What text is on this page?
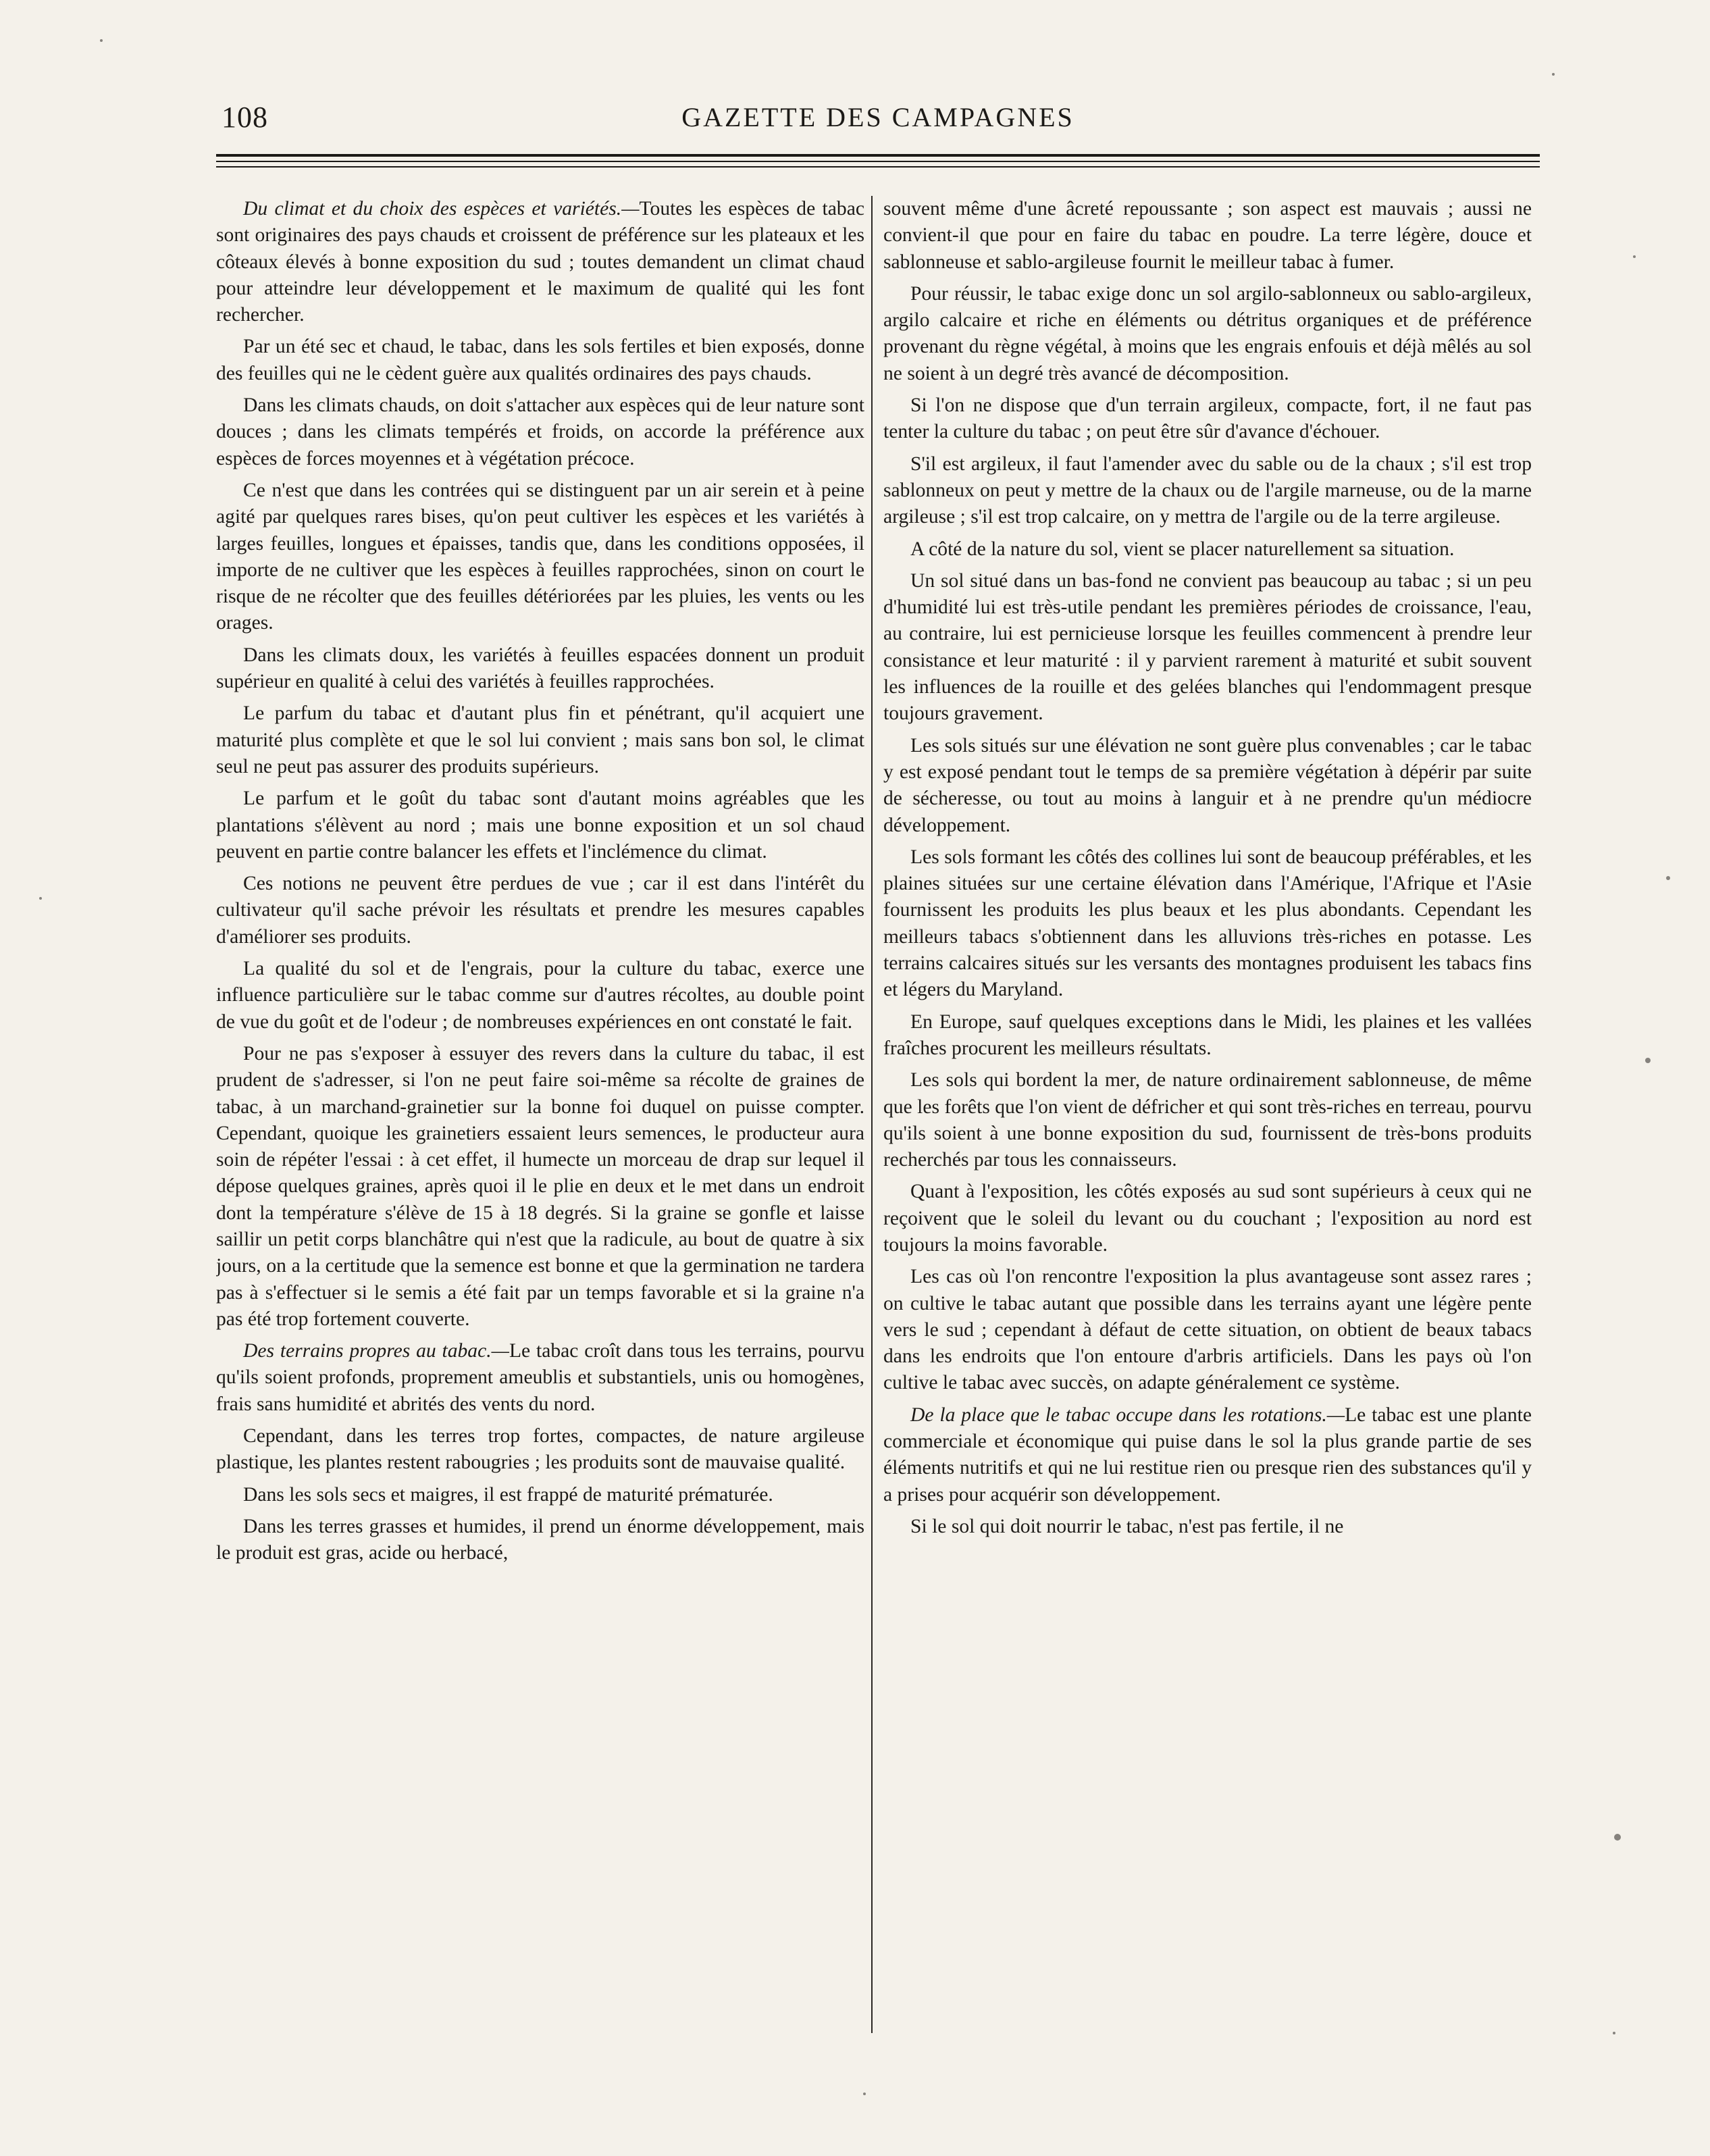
108	GAZETTE DES CAMPAGNES

Du climat et du choix des espèces et variétés.—Toutes les espèces de tabac sont originaires des pays chauds et croissent de préférence sur les plateaux et les côteaux élevés à bonne exposition du sud ; toutes demandent un climat chaud pour atteindre leur développement et le maximum de qualité qui les font rechercher.

Par un été sec et chaud, le tabac, dans les sols fertiles et bien exposés, donne des feuilles qui ne le cèdent guère aux qualités ordinaires des pays chauds.

Dans les climats chauds, on doit s'attacher aux espèces qui de leur nature sont douces ; dans les climats tempérés et froids, on accorde la préférence aux espèces de forces moyennes et à végétation précoce.

Ce n'est que dans les contrées qui se distinguent par un air serein et à peine agité par quelques rares bises, qu'on peut cultiver les espèces et les variétés à larges feuilles, longues et épaisses, tandis que, dans les conditions opposées, il importe de ne cultiver que les espèces à feuilles rapprochées, sinon on court le risque de ne récolter que des feuilles détériorées par les pluies, les vents ou les orages.

Dans les climats doux, les variétés à feuilles espacées donnent un produit supérieur en qualité à celui des variétés à feuilles rapprochées.

Le parfum du tabac et d'autant plus fin et pénétrant, qu'il acquiert une maturité plus complète et que le sol lui convient ; mais sans bon sol, le climat seul ne peut pas assurer des produits supérieurs.

Le parfum et le goût du tabac sont d'autant moins agréables que les plantations s'élèvent au nord ; mais une bonne exposition et un sol chaud peuvent en partie contre balancer les effets et l'inclémence du climat.

Ces notions ne peuvent être perdues de vue ; car il est dans l'intérêt du cultivateur qu'il sache prévoir les résultats et prendre les mesures capables d'améliorer ses produits.

La qualité du sol et de l'engrais, pour la culture du tabac, exerce une influence particulière sur le tabac comme sur d'autres récoltes, au double point de vue du goût et de l'odeur ; de nombreuses expériences en ont constaté le fait.

Pour ne pas s'exposer à essuyer des revers dans la culture du tabac, il est prudent de s'adresser, si l'on ne peut faire soi-même sa récolte de graines de tabac, à un marchand-grainetier sur la bonne foi duquel on puisse compter. Cependant, quoique les grainetiers essaient leurs semences, le producteur aura soin de répéter l'essai : à cet effet, il humecte un morceau de drap sur lequel il dépose quelques graines, après quoi il le plie en deux et le met dans un endroit dont la température s'élève de 15 à 18 degrés. Si la graine se gonfle et laisse saillir un petit corps blanchâtre qui n'est que la radicule, au bout de quatre à six jours, on a la certitude que la semence est bonne et que la germination ne tardera pas à s'effectuer si le semis a été fait par un temps favorable et si la graine n'a pas été trop fortement couverte.

Des terrains propres au tabac.—Le tabac croît dans tous les terrains, pourvu qu'ils soient profonds, proprement ameublis et substantiels, unis ou homogènes, frais sans humidité et abrités des vents du nord.

Cependant, dans les terres trop fortes, compactes, de nature argileuse plastique, les plantes restent rabougries ; les produits sont de mauvaise qualité.

Dans les sols secs et maigres, il est frappé de maturité prématurée.

Dans les terres grasses et humides, il prend un énorme développement, mais le produit est gras, acide ou herbacé,

souvent même d'une âcreté repoussante ; son aspect est mauvais ; aussi ne convient-il que pour en faire du tabac en poudre. La terre légère, douce et sablonneuse et sablo-argileuse fournit le meilleur tabac à fumer.

Pour réussir, le tabac exige donc un sol argilo-sablonneux ou sablo-argileux, argilo calcaire et riche en éléments ou détritus organiques et de préférence provenant du règne végétal, à moins que les engrais enfouis et déjà mêlés au sol ne soient à un degré très avancé de décomposition.

Si l'on ne dispose que d'un terrain argileux, compacte, fort, il ne faut pas tenter la culture du tabac ; on peut être sûr d'avance d'échouer.

S'il est argileux, il faut l'amender avec du sable ou de la chaux ; s'il est trop sablonneux on peut y mettre de la chaux ou de l'argile marneuse, ou de la marne argileuse ; s'il est trop calcaire, on y mettra de l'argile ou de la terre argileuse.

A côté de la nature du sol, vient se placer naturellement sa situation.

Un sol situé dans un bas-fond ne convient pas beaucoup au tabac ; si un peu d'humidité lui est très-utile pendant les premières périodes de croissance, l'eau, au contraire, lui est pernicieuse lorsque les feuilles commencent à prendre leur consistance et leur maturité : il y parvient rarement à maturité et subit souvent les influences de la rouille et des gelées blanches qui l'endommagent presque toujours gravement.

Les sols situés sur une élévation ne sont guère plus convenables ; car le tabac y est exposé pendant tout le temps de sa première végétation à dépérir par suite de sécheresse, ou tout au moins à languir et à ne prendre qu'un médiocre développement.

Les sols formant les côtés des collines lui sont de beaucoup préférables, et les plaines situées sur une certaine élévation dans l'Amérique, l'Afrique et l'Asie fournissent les produits les plus beaux et les plus abondants. Cependant les meilleurs tabacs s'obtiennent dans les alluvions très-riches en potasse. Les terrains calcaires situés sur les versants des montagnes produisent les tabacs fins et légers du Maryland.

En Europe, sauf quelques exceptions dans le Midi, les plaines et les vallées fraîches procurent les meilleurs résultats.

Les sols qui bordent la mer, de nature ordinairement sablonneuse, de même que les forêts que l'on vient de défricher et qui sont très-riches en terreau, pourvu qu'ils soient à une bonne exposition du sud, fournissent de très-bons produits recherchés par tous les connaisseurs.

Quant à l'exposition, les côtés exposés au sud sont supérieurs à ceux qui ne reçoivent que le soleil du levant ou du couchant ; l'exposition au nord est toujours la moins favorable.

Les cas où l'on rencontre l'exposition la plus avantageuse sont assez rares ; on cultive le tabac autant que possible dans les terrains ayant une légère pente vers le sud ; cependant à défaut de cette situation, on obtient de beaux tabacs dans les endroits que l'on entoure d'arbris artificiels. Dans les pays où l'on cultive le tabac avec succès, on adapte généralement ce système.

De la place que le tabac occupe dans les rotations.—Le tabac est une plante commerciale et économique qui puise dans le sol la plus grande partie de ses éléments nutritifs et qui ne lui restitue rien ou presque rien des substances qu'il y a prises pour acquérir son développement.

Si le sol qui doit nourrir le tabac, n'est pas fertile, il ne
